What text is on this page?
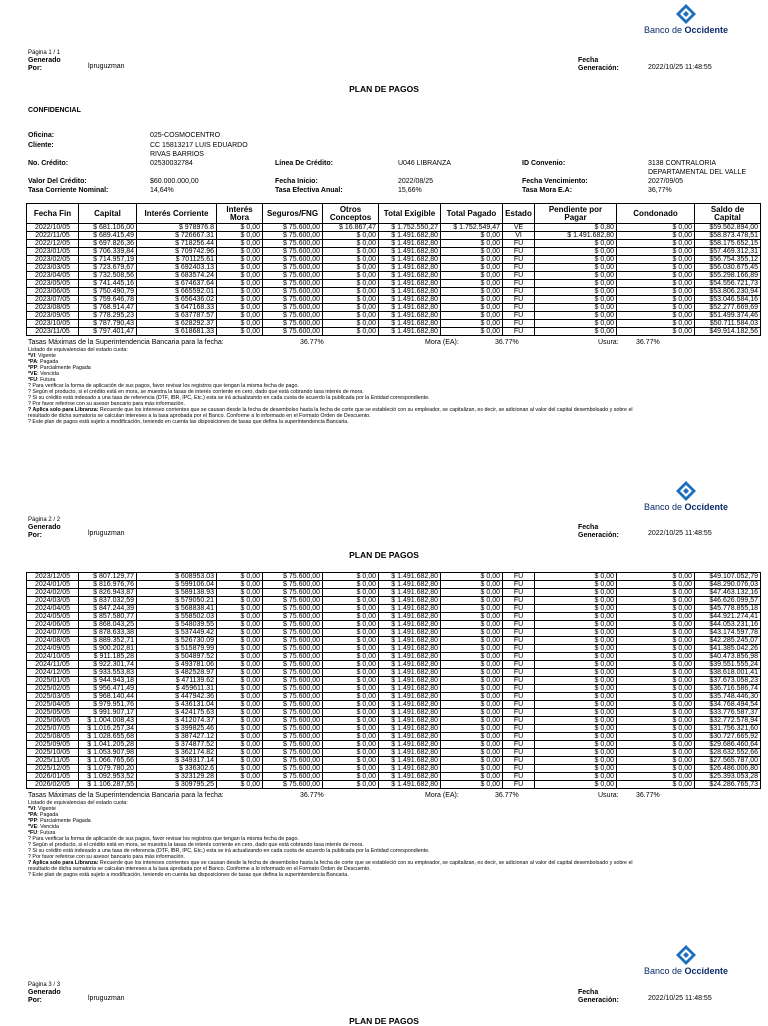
Banco de Occidente
Página 1 / 1
Generado
Por:	lpruguzman
Fecha
Generación:	2022/10/25 11:48:55
PLAN DE PAGOS
CONFIDENCIAL
Oficina:	025-COSMOCENTRO
Cliente:	CC 15813217 LUIS EDUARDO
RIVAS BARRIOS
No. Crédito:	02530032784	Línea De Crédito:	U046 LIBRANZA	ID Convenio:	3138 CONTRALORIA
DEPARTAMENTAL DEL VALLE
Valor Del Crédito:	$60.000.000,00	Fecha Inicio:	2022/08/25	Fecha Vencimiento:	2027/09/05
Tasa Corriente Nominal:	14,64%	Tasa Efectiva Anual:	15,66%	Tasa Mora E.A:	36,77%
Fecha Fin	Capital	Interés Corriente	Interés Mora	Seguros/FNG	Otros Conceptos	Total Exigible	Total Pagado	Estado	Pendiente por Pagar	Condonado	Saldo de Capital
2022/10/05	$ 681.106,00	$ 978976.8	$ 0,00	$ 75.600,00	$ 16.867,47	$ 1.752.550,27	$ 1.752.549,47	VE	$ 0,80	$ 0,00	$59.562.894,00
2022/11/05	$ 689.415,49	$ 726667.31	$ 0,00	$ 75.600,00	$ 0,00	$ 1.491.682,80	$ 0,00	VI	$ 1.491.682,80	$ 0,00	$58.873.478,51
2022/12/05	$ 697.826,36	$ 718256.44	$ 0,00	$ 75.600,00	$ 0,00	$ 1.491.682,80	$ 0,00	FU	$ 0,00	$ 0,00	$58.175.652,15
2023/01/05	$ 706.339,84	$ 709742.96	$ 0,00	$ 75.600,00	$ 0,00	$ 1.491.682,80	$ 0,00	FU	$ 0,00	$ 0,00	$57.469.312,31
2023/02/05	$ 714.957,19	$ 701125.61	$ 0,00	$ 75.600,00	$ 0,00	$ 1.491.682,80	$ 0,00	FU	$ 0,00	$ 0,00	$56.754.355,12
2023/03/05	$ 723.679,67	$ 692403.13	$ 0,00	$ 75.600,00	$ 0,00	$ 1.491.682,80	$ 0,00	FU	$ 0,00	$ 0,00	$56.030.675,45
2023/04/05	$ 732.508,56	$ 683574.24	$ 0,00	$ 75.600,00	$ 0,00	$ 1.491.682,80	$ 0,00	FU	$ 0,00	$ 0,00	$55.298.166,89
2023/05/05	$ 741.445,16	$ 674637.64	$ 0,00	$ 75.600,00	$ 0,00	$ 1.491.682,80	$ 0,00	FU	$ 0,00	$ 0,00	$54.556.721,73
2023/06/05	$ 750.490,79	$ 665592.01	$ 0,00	$ 75.600,00	$ 0,00	$ 1.491.682,80	$ 0,00	FU	$ 0,00	$ 0,00	$53.806.230,94
2023/07/05	$ 759.646,78	$ 656436.02	$ 0,00	$ 75.600,00	$ 0,00	$ 1.491.682,80	$ 0,00	FU	$ 0,00	$ 0,00	$53.046.584,16
2023/08/05	$ 768.914,47	$ 647168.33	$ 0,00	$ 75.600,00	$ 0,00	$ 1.491.682,80	$ 0,00	FU	$ 0,00	$ 0,00	$52.277.669,69
2023/09/05	$ 778.295,23	$ 637787.57	$ 0,00	$ 75.600,00	$ 0,00	$ 1.491.682,80	$ 0,00	FU	$ 0,00	$ 0,00	$51.499.374,46
2023/10/05	$ 787.790,43	$ 628292.37	$ 0,00	$ 75.600,00	$ 0,00	$ 1.491.682,80	$ 0,00	FU	$ 0,00	$ 0,00	$50.711.584,03
2023/11/05	$ 797.401,47	$ 618681.33	$ 0,00	$ 75.600,00	$ 0,00	$ 1.491.682,80	$ 0,00	FU	$ 0,00	$ 0,00	$49.914.182,56
Tasas Máximas de la Superintendencia Bancaria para la fecha:	36.77%	Mora (EA):	36.77%	Usura: 36.77%
Listado de equivalencias del estado cuota:
*VI: Vigente
*PA: Pagada
*PP: Parcialmente Pagada
*VE: Vencida
*FU: Futura
? Para verificar la forma de aplicación de sus pagos, favor revisar los registros que tengan la misma fecha de pago.
? Según el producto, si el crédito está en mora, se muestra la tasas de interés corriente en cero, dado que está cobrando tasa interés de mora.
? Si su crédito está indexado a una tasa de referencia (DTF, IBR, IPC, Etc.) esta se irá actualizando en cada cuota de acuerdo la publicada por la Entidad correspondiente.
? Por favor referirse con su asesor bancario para más información.
? Aplica solo para Libranza: Recuerde que los intereses corrientes que se causan desde la fecha de desembolso hasta la fecha de corte que se estableció con su empleador, se capitalizan, es decir, se adicionan al valor del capital desembolsado y sobre el
resultado de dicha sumatoria se calculan intereses a la tasa aprobada por el Banco. Conforme a lo informado en el Formato Orden de Descuento.
? Este plan de pagos está sujeto a modificación, teniendo en cuenta las disposiciones de tasas que defina la superintendencia Bancaria.
Banco de Occidente
Página 2 / 2
Generado
Por:	lpruguzman
Fecha
Generación:	2022/10/25 11:48:55
PLAN DE PAGOS
2023/12/05	$ 807.129,77	$ 608953.03	$ 0,00	$ 75.600,00	$ 0,00	$ 1.491.682,80	$ 0,00	FU	$ 0,00	$ 0,00	$49.107.052,79
2024/01/05	$ 816.976,76	$ 599106.04	$ 0,00	$ 75.600,00	$ 0,00	$ 1.491.682,80	$ 0,00	FU	$ 0,00	$ 0,00	$48.290.076,03
2024/02/05	$ 826.943,87	$ 589138.93	$ 0,00	$ 75.600,00	$ 0,00	$ 1.491.682,80	$ 0,00	FU	$ 0,00	$ 0,00	$47.463.132,16
2024/03/05	$ 837.032,59	$ 579050.21	$ 0,00	$ 75.600,00	$ 0,00	$ 1.491.682,80	$ 0,00	FU	$ 0,00	$ 0,00	$46.626.099,57
2024/04/05	$ 847.244,39	$ 568838.41	$ 0,00	$ 75.600,00	$ 0,00	$ 1.491.682,80	$ 0,00	FU	$ 0,00	$ 0,00	$45.778.855,18
2024/05/05	$ 857.580,77	$ 558502.03	$ 0,00	$ 75.600,00	$ 0,00	$ 1.491.682,80	$ 0,00	FU	$ 0,00	$ 0,00	$44.921.274,41
2024/06/05	$ 868.043,25	$ 548039.55	$ 0,00	$ 75.600,00	$ 0,00	$ 1.491.682,80	$ 0,00	FU	$ 0,00	$ 0,00	$44.053.231,16
2024/07/05	$ 878.633,38	$ 537449.42	$ 0,00	$ 75.600,00	$ 0,00	$ 1.491.682,80	$ 0,00	FU	$ 0,00	$ 0,00	$43.174.597,78
2024/08/05	$ 889.352,71	$ 526730.09	$ 0,00	$ 75.600,00	$ 0,00	$ 1.491.682,80	$ 0,00	FU	$ 0,00	$ 0,00	$42.285.245,07
2024/09/05	$ 900.202,81	$ 515879.99	$ 0,00	$ 75.600,00	$ 0,00	$ 1.491.682,80	$ 0,00	FU	$ 0,00	$ 0,00	$41.385.042,26
2024/10/05	$ 911.185,28	$ 504897.52	$ 0,00	$ 75.600,00	$ 0,00	$ 1.491.682,80	$ 0,00	FU	$ 0,00	$ 0,00	$40.473.856,98
2024/11/05	$ 922.301,74	$ 493781.06	$ 0,00	$ 75.600,00	$ 0,00	$ 1.491.682,80	$ 0,00	FU	$ 0,00	$ 0,00	$39.551.555,24
2024/12/05	$ 933.553,83	$ 482528.97	$ 0,00	$ 75.600,00	$ 0,00	$ 1.491.682,80	$ 0,00	FU	$ 0,00	$ 0,00	$38.618.001,41
2025/01/05	$ 944.943,18	$ 471139.62	$ 0,00	$ 75.600,00	$ 0,00	$ 1.491.682,80	$ 0,00	FU	$ 0,00	$ 0,00	$37.673.058,23
2025/02/05	$ 956.471,49	$ 459611.31	$ 0,00	$ 75.600,00	$ 0,00	$ 1.491.682,80	$ 0,00	FU	$ 0,00	$ 0,00	$36.716.586,74
2025/03/05	$ 968.140,44	$ 447942.36	$ 0,00	$ 75.600,00	$ 0,00	$ 1.491.682,80	$ 0,00	FU	$ 0,00	$ 0,00	$35.748.446,30
2025/04/05	$ 979.951,76	$ 436131.04	$ 0,00	$ 75.600,00	$ 0,00	$ 1.491.682,80	$ 0,00	FU	$ 0,00	$ 0,00	$34.768.494,54
2025/05/05	$ 991.907,17	$ 424175.63	$ 0,00	$ 75.600,00	$ 0,00	$ 1.491.682,80	$ 0,00	FU	$ 0,00	$ 0,00	$33.776.587,37
2025/06/05	$ 1.004.008,43	$ 412074.37	$ 0,00	$ 75.600,00	$ 0,00	$ 1.491.682,80	$ 0,00	FU	$ 0,00	$ 0,00	$32.772.578,94
2025/07/05	$ 1.016.257,34	$ 399825.46	$ 0,00	$ 75.600,00	$ 0,00	$ 1.491.682,80	$ 0,00	FU	$ 0,00	$ 0,00	$31.756.321,60
2025/08/05	$ 1.028.655,68	$ 387427.12	$ 0,00	$ 75.600,00	$ 0,00	$ 1.491.682,80	$ 0,00	FU	$ 0,00	$ 0,00	$30.727.665,92
2025/09/05	$ 1.041.205,28	$ 374877.52	$ 0,00	$ 75.600,00	$ 0,00	$ 1.491.682,80	$ 0,00	FU	$ 0,00	$ 0,00	$29.686.460,64
2025/10/05	$ 1.053.907,98	$ 362174.82	$ 0,00	$ 75.600,00	$ 0,00	$ 1.491.682,80	$ 0,00	FU	$ 0,00	$ 0,00	$28.632.552,66
2025/11/05	$ 1.066.765,66	$ 349317.14	$ 0,00	$ 75.600,00	$ 0,00	$ 1.491.682,80	$ 0,00	FU	$ 0,00	$ 0,00	$27.565.787,00
2025/12/05	$ 1.079.780,20	$ 336302.6	$ 0,00	$ 75.600,00	$ 0,00	$ 1.491.682,80	$ 0,00	FU	$ 0,00	$ 0,00	$26.486.006,80
2026/01/05	$ 1.092.953,52	$ 323129.28	$ 0,00	$ 75.600,00	$ 0,00	$ 1.491.682,80	$ 0,00	FU	$ 0,00	$ 0,00	$25.393.053,28
2026/02/05	$ 1.106.287,55	$ 309795.25	$ 0,00	$ 75.600,00	$ 0,00	$ 1.491.682,80	$ 0,00	FU	$ 0,00	$ 0,00	$24.286.765,73
Tasas Máximas de la Superintendencia Bancaria para la fecha:	36.77%	Mora (EA):	36.77%	Usura: 36.77%
Listado de equivalencias del estado cuota:
*VI: Vigente
*PA: Pagada
*PP: Parcialmente Pagada
*VE: Vencida
*FU: Futura
? Para verificar la forma de aplicación de sus pagos, favor revisar los registros que tengan la misma fecha de pago.
? Según el producto, si el crédito está en mora, se muestra la tasas de interés corriente en cero, dado que está cobrando tasa interés de mora.
? Si su crédito está indexado a una tasa de referencia (DTF, IBR, IPC, Etc.) esta se irá actualizando en cada cuota de acuerdo la publicada por la Entidad correspondiente.
? Por favor referirse con su asesor bancario para más información.
? Aplica solo para Libranza: Recuerde que los intereses corrientes que se causan desde la fecha de desembolso hasta la fecha de corte que se estableció con su empleador, se capitalizan, es decir, se adicionan al valor del capital desembolsado y sobre el
resultado de dicha sumatoria se calculan intereses a la tasa aprobada por el Banco. Conforme a lo informado en el Formato Orden de Descuento.
? Este plan de pagos está sujeto a modificación, teniendo en cuenta las disposiciones de tasas que defina la superintendencia Bancaria.
Banco de Occidente
Página 3 / 3
Generado
Por:	lpruguzman
Fecha
Generación:	2022/10/25 11:48:55
PLAN DE PAGOS
